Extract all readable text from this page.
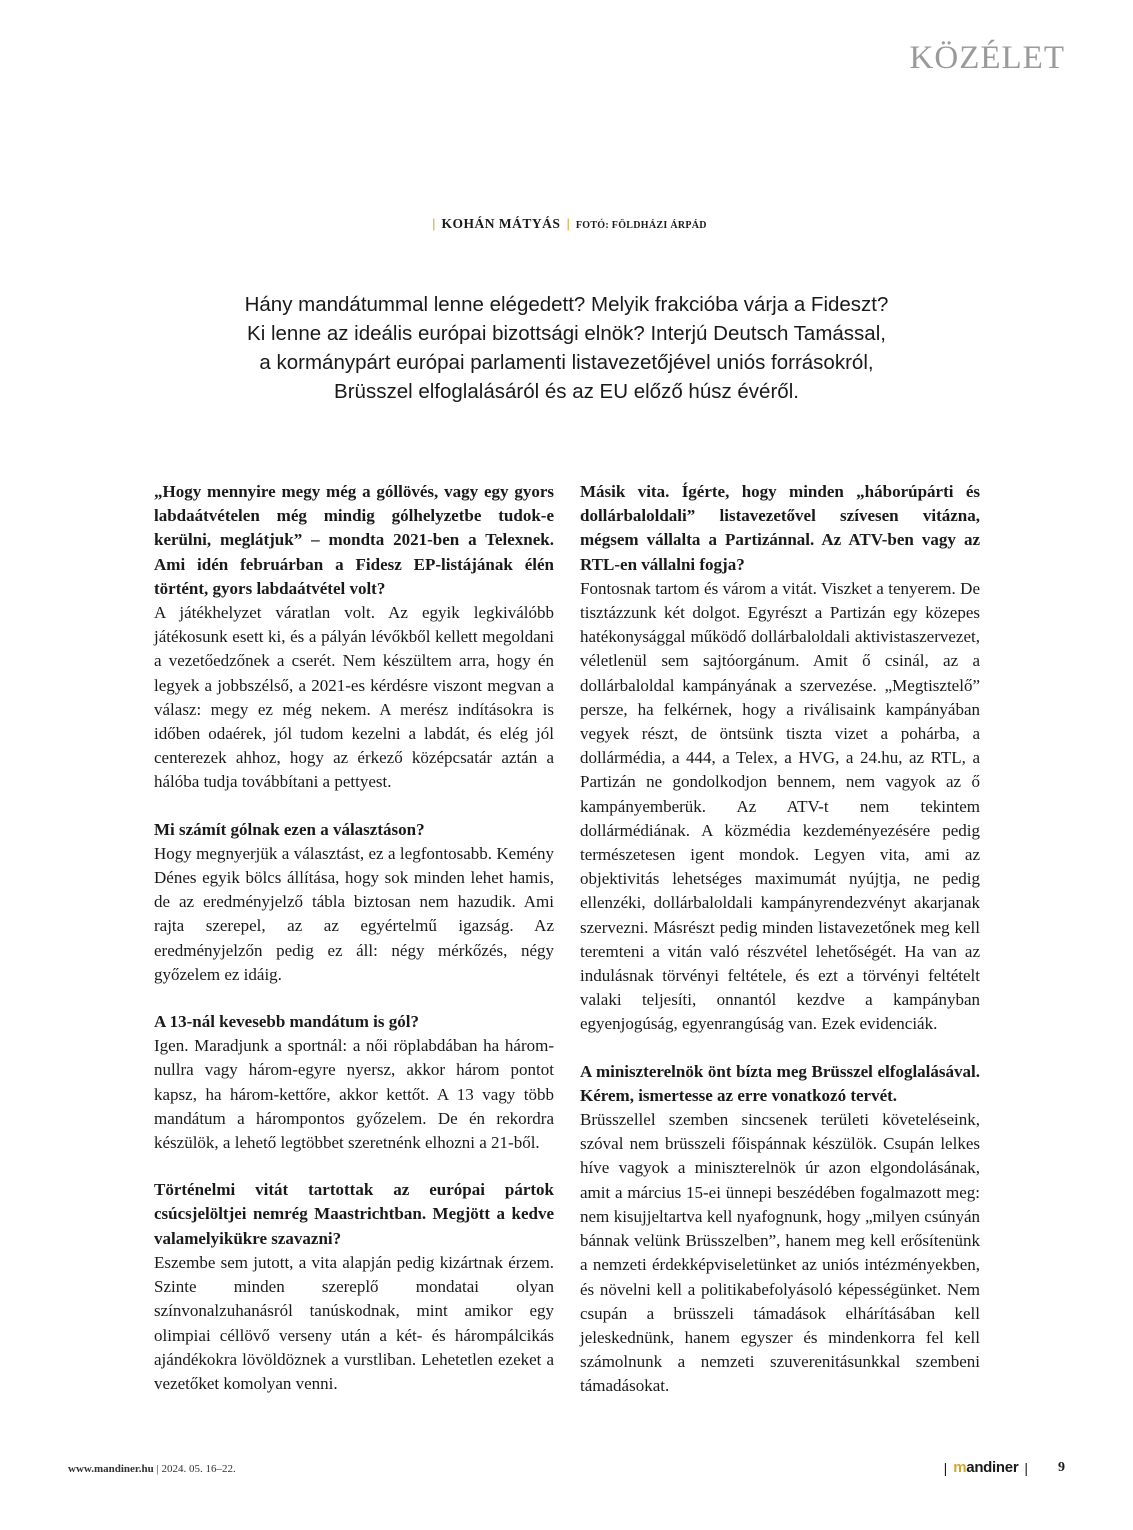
KÖZÉLET
| KOHÁN MÁTYÁS | FOTÓ: FÖLDHÁZI ÁRPÁD

Hány mandátummal lenne elégedett? Melyik frakcióba várja a Fideszt?

Ki lenne az ideális európai bizottsági elnök? Interjú Deutsch Tamással,

a kormánypárt európai parlamenti listavezetőjével uniós forrásokról,

Brüsszel elfoglalásáról és az EU előző húsz évéről.

„Hogy mennyire megy még a góllövés, vagy egy gyors labdaátvételen még mindig gólhelyzetbe tudok-e kerülni, meglátjuk” – mondta 2021-ben a Telexnek. Ami idén februárban a Fidesz EP-listájának élén történt, gyors labdaátvétel volt?

A játékhelyzet váratlan volt. Az egyik legkiválóbb játékosunk esett ki, és a pályán lévőkből kellett megoldani a vezetőedzőnek a cserét. Nem készültem arra, hogy én legyek a jobbszélső, a 2021-es kérdésre viszont megvan a válasz: megy ez még nekem. A merész indításokra is időben odaérek, jól tudom kezelni a labdát, és elég jól centerezek ahhoz, hogy az érkező középcsatár aztán a hálóba tudja továbbítani a pettyest.

Mi számít gólnak ezen a választáson?

Hogy megnyerjük a választást, ez a legfontosabb. Kemény Dénes egyik bölcs állítása, hogy sok minden lehet hamis, de az eredményjelző tábla biztosan nem hazudik. Ami rajta szerepel, az az egyértelmű igazság. Az eredményjelzőn pedig ez áll: négy mérkőzés, négy győzelem ez idáig.

A 13-nál kevesebb mandátum is gól?

Igen. Maradjunk a sportnál: a női röplabdában ha három-nullra vagy három-egyre nyersz, akkor három pontot kapsz, ha három-kettőre, akkor kettőt. A 13 vagy több mandátum a hárompontos győzelem. De én rekordra készülök, a lehető legtöbbet szeretnénk elhozni a 21-ből.

Történelmi vitát tartottak az európai pártok csúcsjelöltjei nemrég Maastrichtban. Megjött a kedve valamelyikükre szavazni?

Eszembe sem jutott, a vita alapján pedig kizártnak érzem. Szinte minden szereplő mondatai olyan színvonalzuhanásról tanúskodnak, mint amikor egy olimpiai céllövő verseny után a két- és hárompálcikás ajándékokra lövöldöznek a vurstliban. Lehetetlen ezeket a vezetőket komolyan venni.

Másik vita. Ígérte, hogy minden „háborúpárti és dollárbaloldali” listavezetővel szívesen vitázna, mégsem vállalta a Partizánnal. Az ATV-ben vagy az RTL-en vállalni fogja?

Fontosnak tartom és várom a vitát. Viszket a tenyerem. De tisztázzunk két dolgot. Egyrészt a Partizán egy közepes hatékonysággal működő dollárbaloldali aktivistaszervezet, véletlenül sem sajtóorgánum. Amit ő csinál, az a dollárbaloldal kampányának a szervezése. „Megtisztelő” persze, ha felkérnek, hogy a riválisaink kampányában vegyek részt, de öntsünk tiszta vizet a pohárba, a dollármédia, a 444, a Telex, a HVG, a 24.hu, az RTL, a Partizán ne gondolkodjon bennem, nem vagyok az ő kampányemberük. Az ATV-t nem tekintem dollármédiának. A közmédia kezdeményezésére pedig természetesen igent mondok. Legyen vita, ami az objektivitás lehetséges maximumát nyújtja, ne pedig ellenzéki, dollárbaloldali kampányrendezvényt akarjanak szervezni. Másrészt pedig minden listavezetőnek meg kell teremteni a vitán való részvétel lehetőségét. Ha van az indulásnak törvényi feltétele, és ezt a törvényi feltételt valaki teljesíti, onnantól kezdve a kampányban egyenjogúság, egyenrangúság van. Ezek evidenciák.

A miniszterelnök önt bízta meg Brüsszel elfoglalásával. Kérem, ismertesse az erre vonatkozó tervét.

Brüsszellel szemben sincsenek területi követeléseink, szóval nem brüsszeli főispánnak készülök. Csupán lelkes híve vagyok a miniszterelnök úr azon elgondolásának, amit a március 15-ei ünnepi beszédében fogalmazott meg: nem kisujjeltartva kell nyafognunk, hogy „milyen csúnyán bánnak velünk Brüsszelben”, hanem meg kell erősítenünk a nemzeti érdekképviseletünket az uniós intézményekben, és növelni kell a politikabefolyásoló képességünket. Nem csupán a brüsszeli támadások elhárításában kell jeleskednünk, hanem egyszer és mindenkorra fel kell számolnunk a nemzeti szuverenitásunkkal szembeni támadásokat.

www.mandiner.hu | 2024. 05. 16–22.	| mandiner | 9
